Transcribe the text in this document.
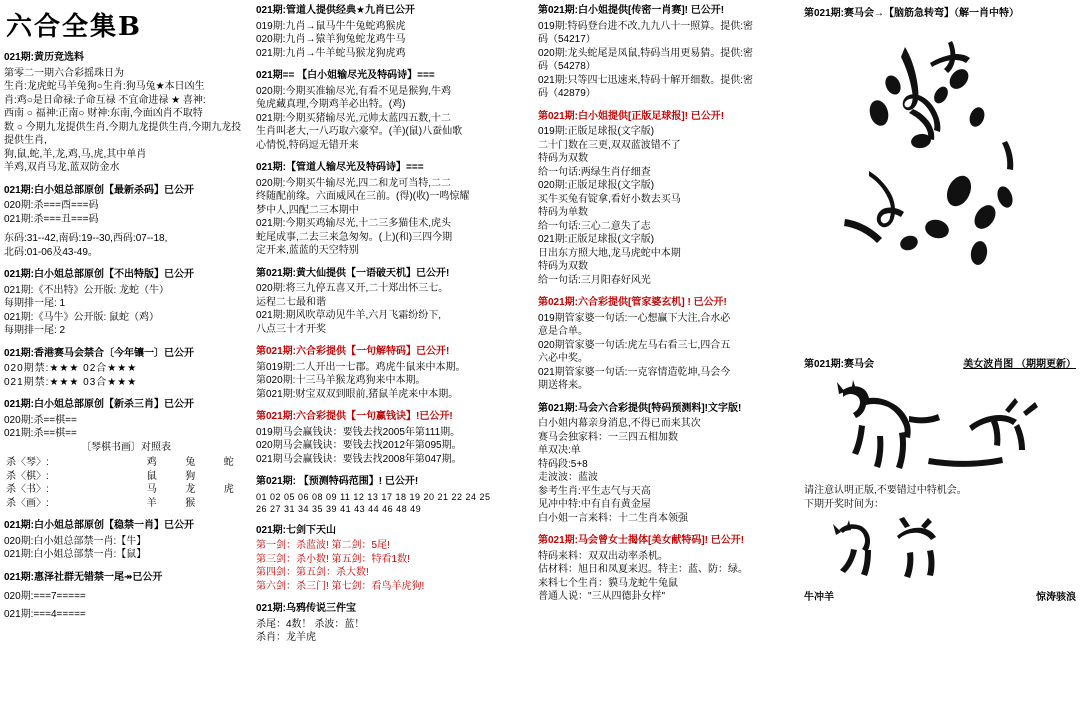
六合全集B
021期:黄历竞选料
第零二一期六合彩摇珠日为
生肖:龙虎蛇马羊兔狗○生肖:狗马兔★本日凶生
肖:鸡○是日命禄:子命互禄 不宜命进禄 ★ 喜神:
西南 ○ 福神:正南○ 财神:东南,今面凶肖不取特
数 ○ 今期九龙提供生肖,今期九龙提供生肖,今期九龙投提供生肖,
狗,鼠,蛇,羊,龙,鸡,马,虎,其中单肖
羊鸡,双肖马龙,蓝双防金水
021期:白小姐总部原创【最新杀码】已公开
020期:杀===酉===码
021期:杀===丑===码
东码:31--42,南码:19--30,西码:07--18,
北码:01-06及43-49。
021期:白小姐总部原创【不出特版】已公开
021期:《不出特》公开版: 龙蛇（牛）
每期排一尾: 1
021期:《马牛》公开版: 鼠蛇（鸡）
每期排一尾: 2
021期:香港赛马会禁合〔今年镶一〕已公开
020期禁:★★★ 02合★★★
021期禁:★★★ 03合★★★
021期:白小姐总部原创【新杀三肖】已公开
020期:杀==棋==
021期:杀==棋==
〔琴棋书画〕对照表
杀〈琴〉:	鸡	兔	蛇
杀〈棋〉:	鼠	狗	
杀〈书〉:	马	龙	虎
杀〈画〉:	羊	猴	
021期:白小姐总部原创【稳禁一肖】已公开
020期:白小姐总部禁一肖:【牛】
021期:白小姐总部禁一肖:【鼠】
021期:惠泽社群无错禁一尾↠已公开
020期:===7=====
021期:===4=====
021期:管道人提供经典★九肖已公开
019期:九肖→鼠马牛牛兔蛇鸡猴虎
020期:九肖→猿羊狗兔蛇龙鸡牛马
021期:九肖→牛羊蛇马猴龙狗虎鸡
021期== 【白小姐输尽光及特码诗】===
020期:今期买准输尽光,有看不见是猴狗,牛鸡
兔虎藏真理,今期鸡羊必出特。(鸡)
021期:今期买猪输尽光,元帅太蓝四五数,十二
生肖叫老大,一八巧取六豪窄。(羊)(鼠)八蚕仙歌
心情悦,特码逗无错开来
021期:【管道人输尽光及特码诗】===
020期:今期买牛输尽光,四二和龙可当特,二二
终随配前缘。六面威风在三前。(得)(收)一鸣惊耀
梦中人,四配二三本期中
021期:今期买鸡输尽光,十二三多猫佳术,虎头
蛇尾成事,二去三来急匆匆。(上)(和)三四今期
定开来,蓝蓝的天空特别
第021期:黄大仙提供【一语破天机】已公开!
020期:将三九停五喜又开,二十郑出怀三七。
运程二七最和谐
021期:期风吹草动见牛羊,六月飞霜纷纷下,
八点三十才开奖
第021期:六合彩提供【一句解特码】已公开!
第019期:二人开出一七郡。鸡虎牛鼠来中本期。
第020期:十三马羊猴龙鸡狗来中本期。
第021期:财宝双双到眼前,猪鼠羊虎来中本期。
第021期:六合彩提供【一句赢钱诀】!已公开!
019期马会赢钱诀：要钱去找2005年第111期。
020期马会赢钱诀：要钱去找2012年第095期。
021期马会赢钱诀：要钱去找2008年第047期。
第021期: 【预测特码范围】! 已公开!
01 02 05 06 08 09 11 12 13 17 18 19 20 21 22 24 25
26 27 31 34 35 39 41 43 44 46 48 49
021期:七剑下天山
第一剑：杀蓝波! 第二剑：5尾!
第三剑：杀小数! 第五剑：特看1数!
第四剑：第五剑：杀大数!
第六剑：杀三门! 第七剑：看鸟羊虎狗!
021期:乌鸦传说三件宝
杀尾：4数！ 杀波：蓝！
杀肖：龙羊虎
第021期:白小姐提供[传密一肖赛]! 已公开!
019期:特码登台进不改,九九八十一照算。提供:密
码（54217）
020期:龙头蛇尾是凤鼠,特码当用更易猜。提供:密
码（54278）
021期:只等四七迅速来,特码十解开细数。提供:密
码（42879）
第021期:白小姐提供[正版足球报]! 已公开!
019期:正版足球报(文字版)
二十门数在三更,双双蓝波错不了
特码为双数
给一句话:两绿生肖仔细查
020期:正版足球报(文字版)
买牛买兔有锭拿,看好小数去买马
特码为单数
给一句话:三心二意失了志
021期:正版足球报(文字版)
日出东方照大地,龙马虎蛇中本期
特码为双数
给一句话:三月阳春好风光
第021期:六合彩提供[管家婆玄机] ! 已公开!
019期管家婆一句话:一心想赢下大注,合水必
意是合单。
020期管家婆一句话:虎左马右看三七,四合五
六必中奖。
021期管家婆一句话:一克容情造乾坤,马会今
期送将来。
第021期:马会六合彩提供[特码预测料]!文字版!
白小姐内幕亲身消息,不得已而来其次
赛马会独家料：一三四五相加数
单双决:单
特码段:5+8
走波波：蓝波
参考生肖:平生志气与天高
见冲中特:中有自有黄金屋
白小姐一言来料：十二生肖本领强
第021期:马会曾女士揭体[美女献特码]! 已公开!
特码来料：双双出动率杀机。
估材料：旭日和凤夏来迟。特主：蓝、防：绿。
来料七个生肖：貘马龙蛇牛兔鼠
普通人说："三从四德卦女样"
第021期:赛马会→【脑筋急转弯】（解一肖中特）
第021期:赛马会	美女波肖图 （期期更新）
请注意认明正版,不要错过中特机会。
下期开奖时间为：
牛冲羊	惊涛骇浪
